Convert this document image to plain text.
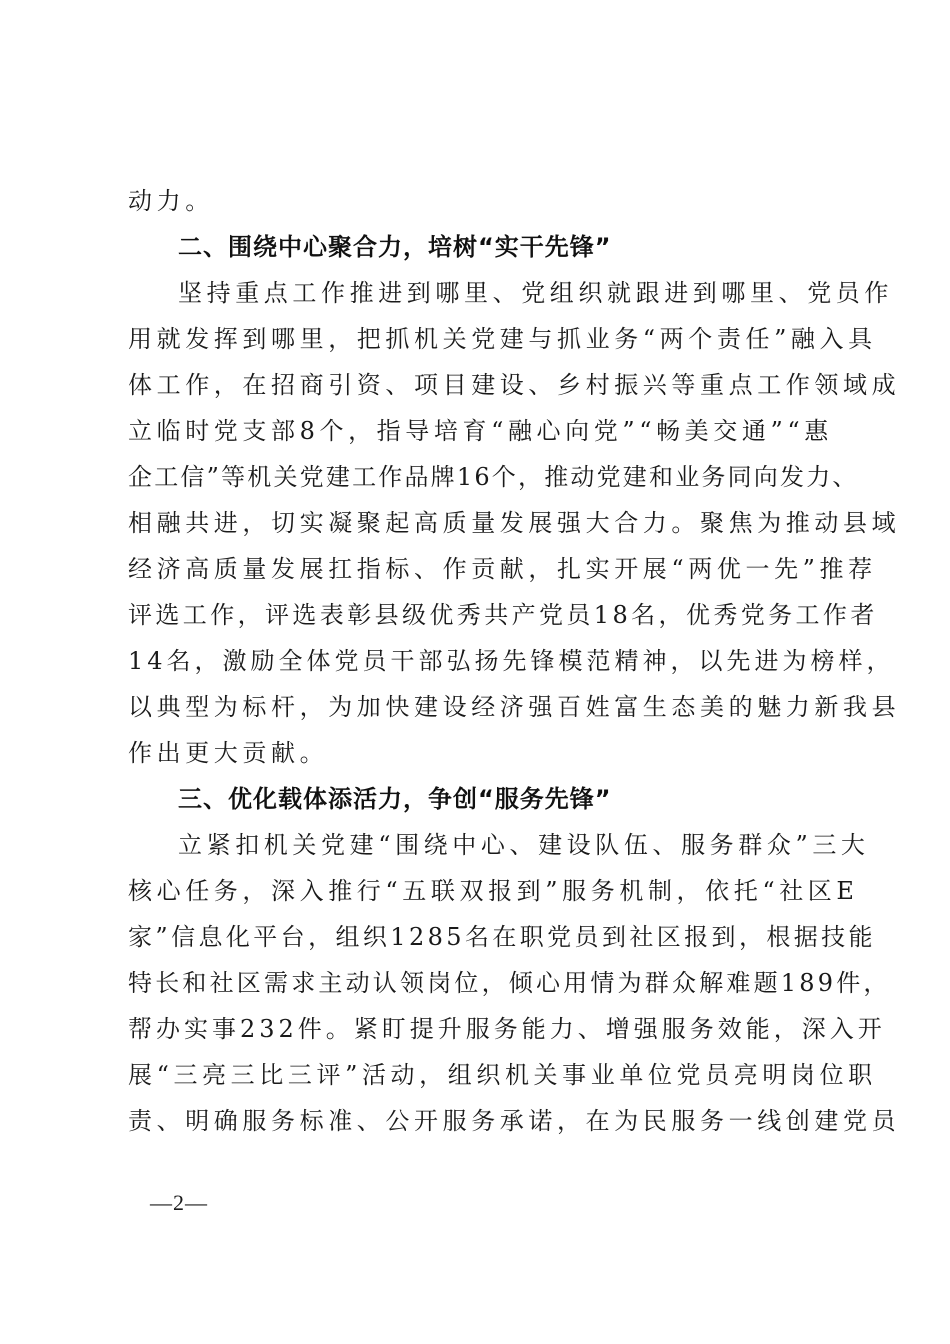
动力。
二、围绕中心聚合力，培树“实干先锋”
坚持重点工作推进到哪里、党组织就跟进到哪里、党员作
用就发挥到哪里，把抓机关党建与抓业务“两个责任”融入具
体工作，在招商引资、项目建设、乡村振兴等重点工作领域成
立临时党支部8个，指导培育“融心向党”“畅美交通”“惠
企工信”等机关党建工作品牌16个，推动党建和业务同向发力、
相融共进，切实凝聚起高质量发展强大合力。聚焦为推动县域
经济高质量发展扛指标、作贡献，扎实开展“两优一先”推荐
评选工作，评选表彰县级优秀共产党员18名，优秀党务工作者
14名，激励全体党员干部弘扬先锋模范精神，以先进为榜样，
以典型为标杆，为加快建设经济强百姓富生态美的魅力新我县
作出更大贡献。
三、优化载体添活力，争创“服务先锋”
立紧扣机关党建“围绕中心、建设队伍、服务群众”三大
核心任务，深入推行“五联双报到”服务机制，依托“社区E
家”信息化平台，组织1285名在职党员到社区报到，根据技能
特长和社区需求主动认领岗位，倾心用情为群众解难题189件，
帮办实事232件。紧盯提升服务能力、增强服务效能，深入开
展“三亮三比三评”活动，组织机关事业单位党员亮明岗位职
责、明确服务标准、公开服务承诺，在为民服务一线创建党员
—2—
